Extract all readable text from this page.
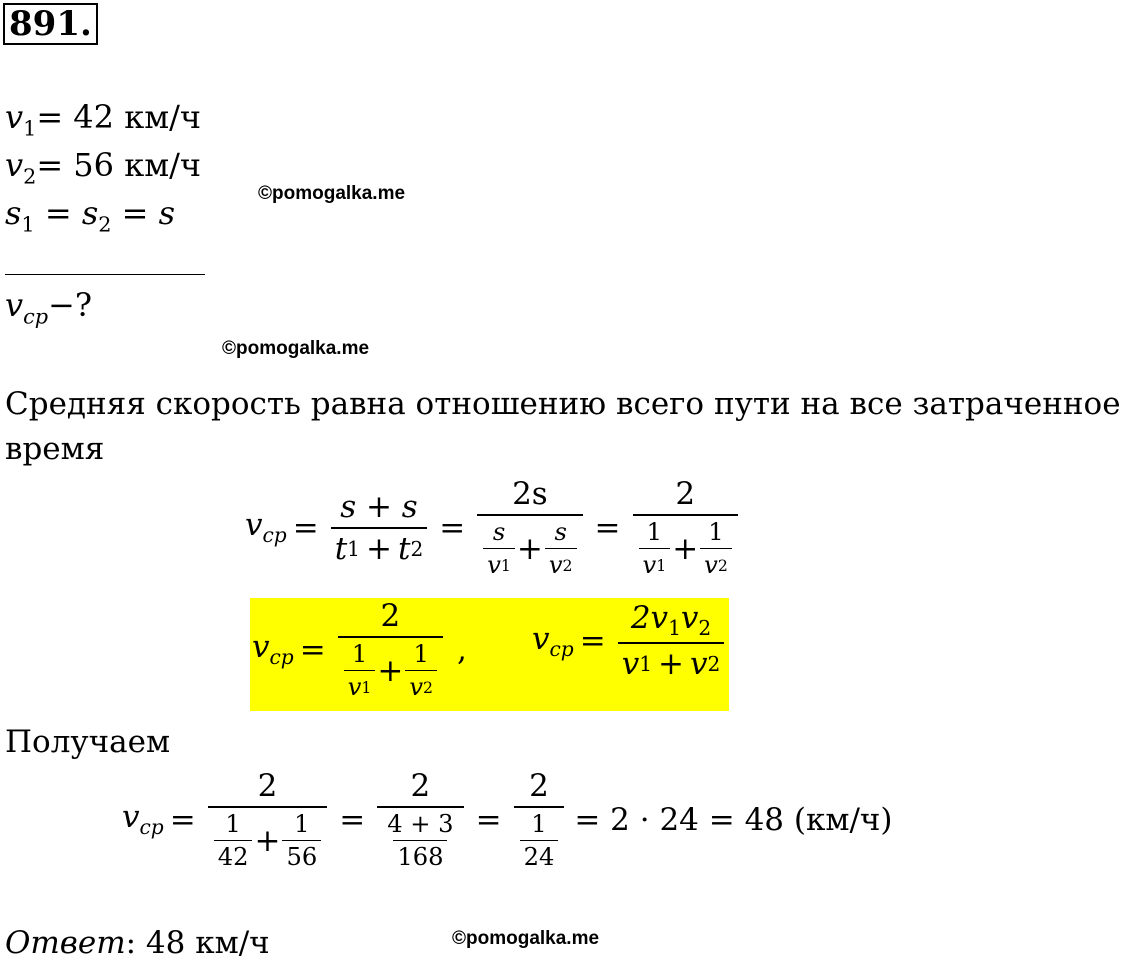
891.
$v_1= 42$ км/ч
$v_2= 56$ км/ч
$s_1 = s_2 = s$
$v_{ср}-$?
©pomogalka.me
©pomogalka.me
Средняя скорость равна отношению всего пути на все затраченное
время
$v_{ср} = \frac{s + s}{t 1 + t 2} = \frac{2s}{\frac{s}{v 1} + \frac{s}{v 2}} = \frac{2}{\frac{1}{v 1} + \frac{1}{v 2}}$
$v_{ср} = \frac{2}{\frac{1}{v 1} + \frac{1}{v 2}}$ , $v_{ср} = \frac{2v_1v_2}{v 1 + v 2}$
Получаем
$v_{ср} = \frac{2}{\frac{1}{42} + \frac{1}{56}} = \frac{2}{\frac{4 + 3}{168}} = \frac{2}{\frac{1}{24}} = 2 \cdot 24 = 48$ (км/ч)
©pomogalka.me
Ответ: 48 км/ч
